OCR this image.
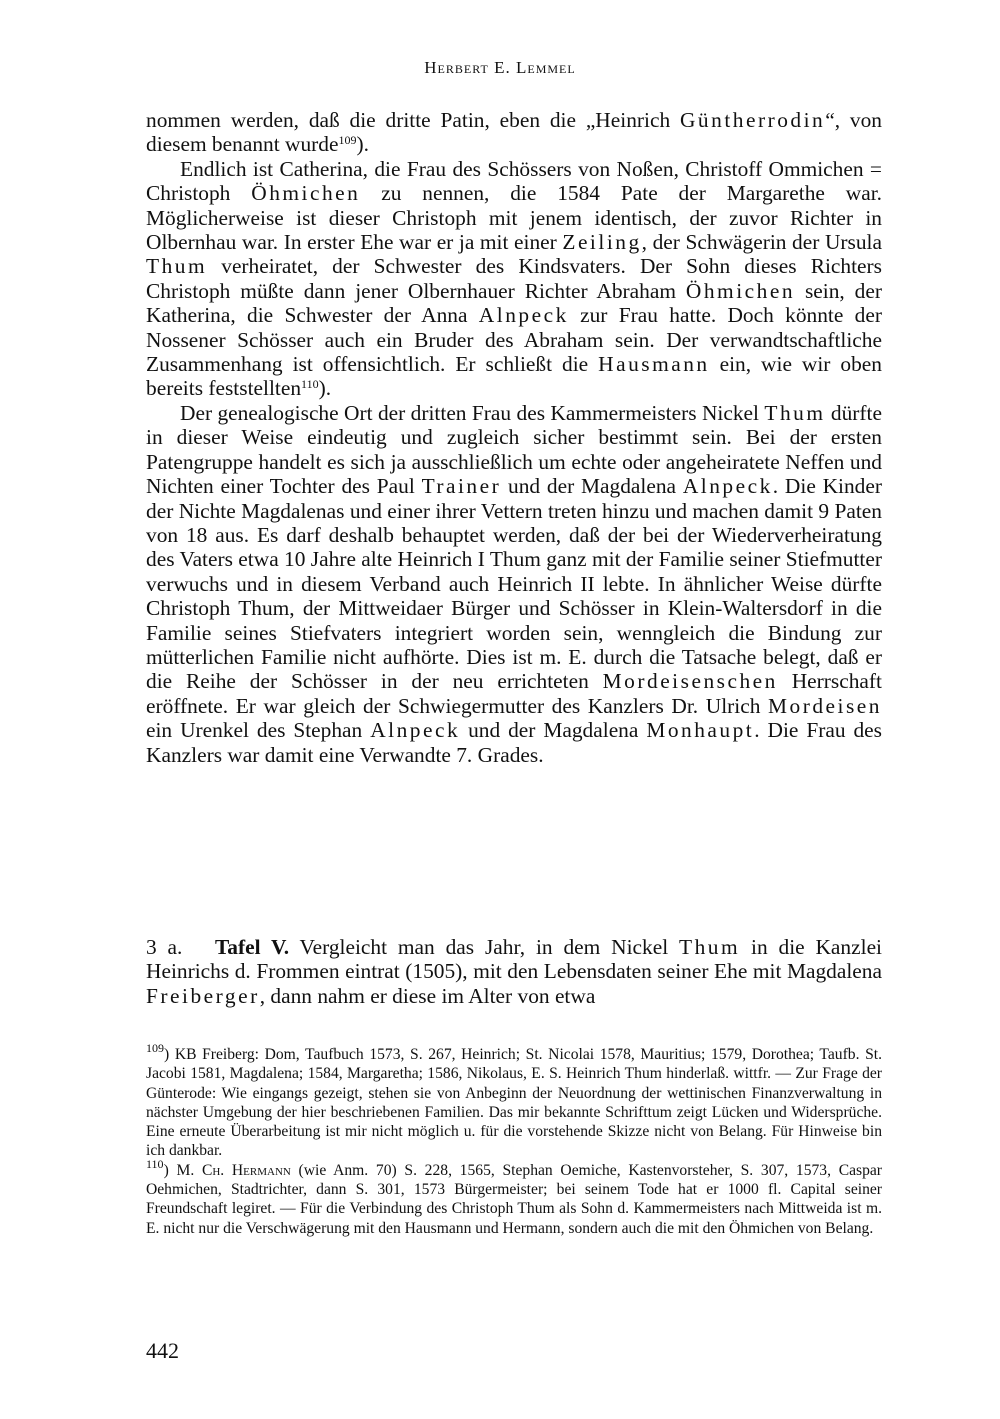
Herbert E. Lemmel

nommen werden, daß die dritte Patin, eben die „Heinrich Güntherrodin“, von diesem benannt wurde$^{109}$).

Endlich ist Catherina, die Frau des Schössers von Noßen, Christoff Ommichen = Christoph Öhmichen zu nennen, die 1584 Pate der Margarethe war. Möglicherweise ist dieser Christoph mit jenem identisch, der zuvor Richter in Olbernhau war. In erster Ehe war er ja mit einer Zeiling, der Schwägerin der Ursula Thum verheiratet, der Schwester des Kindsvaters. Der Sohn dieses Richters Christoph müßte dann jener Olbernhauer Richter Abraham Öhmichen sein, der Katherina, die Schwester der Anna Alnpeck zur Frau hatte. Doch könnte der Nossener Schösser auch ein Bruder des Abraham sein. Der verwandtschaftliche Zusammenhang ist offensichtlich. Er schließt die Hausmann ein, wie wir oben bereits feststellten$^{110}$).

Der genealogische Ort der dritten Frau des Kammermeisters Nickel Thum dürfte in dieser Weise eindeutig und zugleich sicher bestimmt sein. Bei der ersten Patengruppe handelt es sich ja ausschließlich um echte oder angeheiratete Neffen und Nichten einer Tochter des Paul Trainer und der Magdalena Alnpeck. Die Kinder der Nichte Magdalenas und einer ihrer Vettern treten hinzu und machen damit 9 Paten von 18 aus. Es darf deshalb behauptet werden, daß der bei der Wiederverheiratung des Vaters etwa 10 Jahre alte Heinrich I Thum ganz mit der Familie seiner Stiefmutter verwuchs und in diesem Verband auch Heinrich II lebte. In ähnlicher Weise dürfte Christoph Thum, der Mittweidaer Bürger und Schösser in Klein-Waltersdorf in die Familie seines Stiefvaters integriert worden sein, wenngleich die Bindung zur mütterlichen Familie nicht aufhörte. Dies ist m. E. durch die Tatsache belegt, daß er die Reihe der Schösser in der neu errichteten Mordeisenschen Herrschaft eröffnete. Er war gleich der Schwiegermutter des Kanzlers Dr. Ulrich Mordeisen ein Urenkel des Stephan Alnpeck und der Magdalena Monhaupt. Die Frau des Kanzlers war damit eine Verwandte 7. Grades.

3 a. Tafel V. Vergleicht man das Jahr, in dem Nickel Thum in die Kanzlei Heinrichs d. Frommen eintrat (1505), mit den Lebensdaten seiner Ehe mit Magdalena Freiberger, dann nahm er diese im Alter von etwa

$^{109}$) KB Freiberg: Dom, Taufbuch 1573, S. 267, Heinrich; St. Nicolai 1578, Mauritius; 1579, Dorothea; Taufb. St. Jacobi 1581, Magdalena; 1584, Margaretha; 1586, Nikolaus, E. S. Heinrich Thum hinderlaß. wittfr. — Zur Frage der Günterode: Wie eingangs gezeigt, stehen sie von Anbeginn der Neuordnung der wettinischen Finanzverwaltung in nächster Umgebung der hier beschriebenen Familien. Das mir bekannte Schrifttum zeigt Lücken und Widersprüche. Eine erneute Überarbeitung ist mir nicht möglich u. für die vorstehende Skizze nicht von Belang. Für Hinweise bin ich dankbar.

$^{110}$) M. Ch. Hermann (wie Anm. 70) S. 228, 1565, Stephan Oemiche, Kastenvorsteher, S. 307, 1573, Caspar Oehmichen, Stadtrichter, dann S. 301, 1573 Bürgermeister; bei seinem Tode hat er 1000 fl. Capital seiner Freundschaft legiret. — Für die Verbindung des Christoph Thum als Sohn d. Kammermeisters nach Mittweida ist m. E. nicht nur die Verschwägerung mit den Hausmann und Hermann, sondern auch die mit den Öhmichen von Belang.

442
